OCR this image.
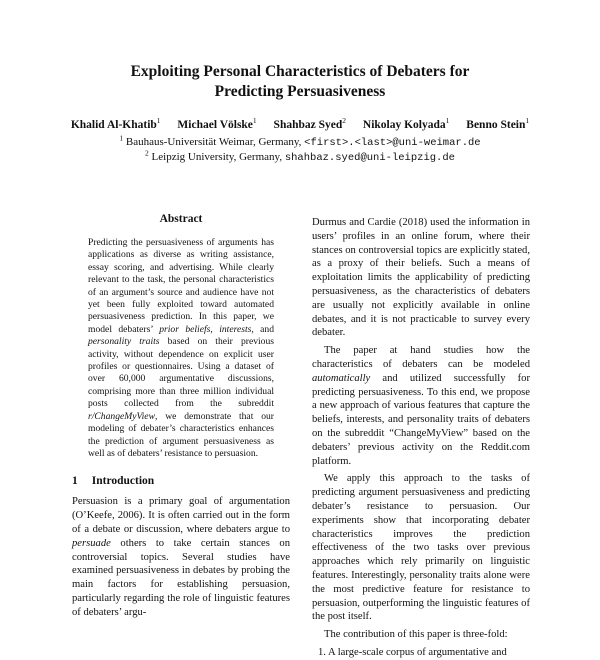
Exploiting Personal Characteristics of Debaters for
Predicting Persuasiveness
Khalid Al-Khatib$^1$ Michael Völske$^1$ Shahbaz Syed$^2$ Nikolay Kolyada$^1$ Benno Stein$^1$
$^1$ Bauhaus-Universität Weimar, Germany, <first>.<last>@uni-weimar.de
$^2$ Leipzig University, Germany, shahbaz.syed@uni-leipzig.de
Abstract

Predicting the persuasiveness of arguments has applications as diverse as writing assistance, essay scoring, and advertising. While clearly relevant to the task, the personal characteristics of an argument’s source and audience have not yet been fully exploited toward automated persuasiveness prediction. In this paper, we model debaters’ prior beliefs, interests, and personality traits based on their previous activity, without dependence on explicit user profiles or questionnaires. Using a dataset of over 60,000 argumentative discussions, comprising more than three million individual posts collected from the subreddit r/ChangeMyView, we demonstrate that our modeling of debater’s characteristics enhances the prediction of argument persuasiveness as well as of debaters’ resistance to persuasion.

1 Introduction

Persuasion is a primary goal of argumentation (O’Keefe, 2006). It is often carried out in the form of a debate or discussion, where debaters argue to persuade others to take certain stances on controversial topics. Several studies have examined persuasiveness in debates by probing the main factors for establishing persuasion, particularly regarding the role of linguistic features of debaters’ argu-

Durmus and Cardie (2018) used the information in users’ profiles in an online forum, where their stances on controversial topics are explicitly stated, as a proxy of their beliefs. Such a means of exploitation limits the applicability of predicting persuasiveness, as the characteristics of debaters are usually not explicitly available in online debates, and it is not practicable to survey every debater.

The paper at hand studies how the characteristics of debaters can be modeled automatically and utilized successfully for predicting persuasiveness. To this end, we propose a new approach of various features that capture the beliefs, interests, and personality traits of debaters on the subreddit “ChangeMyView” based on the debaters’ previous activity on the Reddit.com platform.

We apply this approach to the tasks of predicting argument persuasiveness and predicting debater’s resistance to persuasion. Our experiments show that incorporating debater characteristics improves the prediction effectiveness of the two tasks over previous approaches which rely primarily on linguistic features. Interestingly, personality traits alone were the most predictive feature for resistance to persuasion, outperforming the linguistic features of the post itself.

The contribution of this paper is three-fold:

1. A large-scale corpus of argumentative and
